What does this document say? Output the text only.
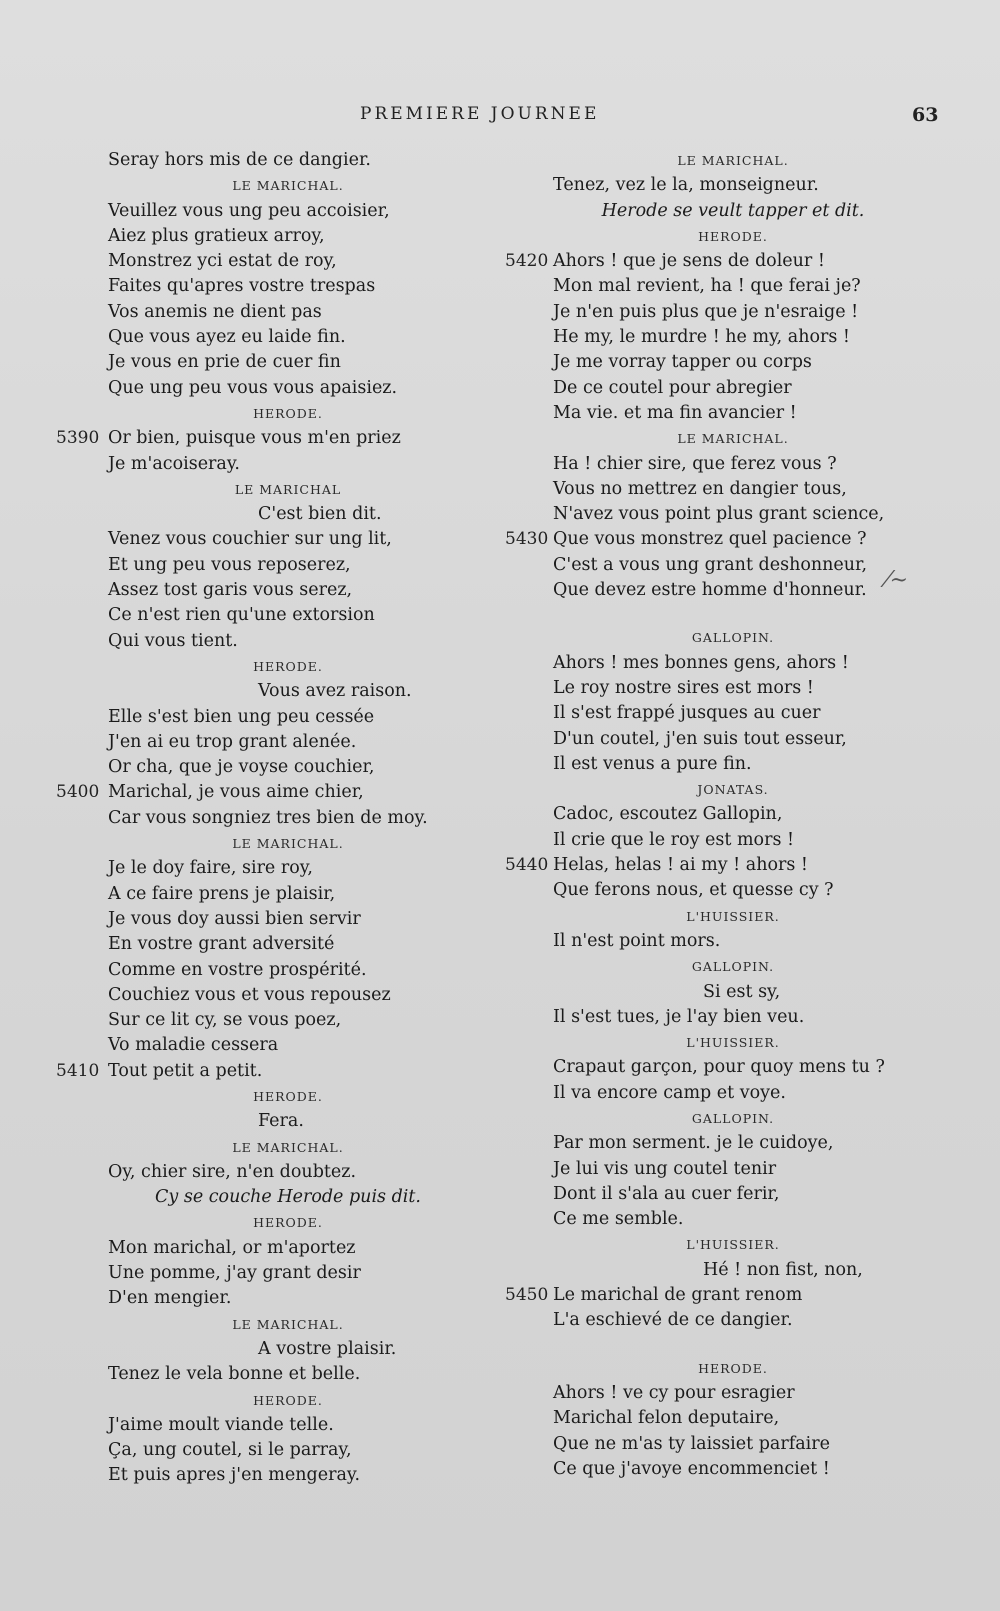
PREMIERE JOURNEE	63
Seray hors mis de ce dangier.
LE MARICHAL.
Veuillez vous ung peu accoisier,
Aiez plus gratieux arroy,
Monstrez yci estat de roy,
Faites qu'apres vostre trespas
Vos anemis ne dient pas
Que vous ayez eu laide fin.
Je vous en prie de cuer fin
Que ung peu vous vous apaisiez.
HERODE.
5390 Or bien, puisque vous m'en priez
Je m'acoiseray.
LE MARICHAL
C'est bien dit.
Venez vous couchier sur ung lit,
Et ung peu vous reposerez,
Assez tost garis vous serez,
Ce n'est rien qu'une extorsion
Qui vous tient.
HERODE.
Vous avez raison.
Elle s'est bien ung peu cessée
J'en ai eu trop grant alenée.
Or cha, que je voyse couchier,
5400 Marichal, je vous aime chier,
Car vous songniez tres bien de moy.
LE MARICHAL.
Je le doy faire, sire roy,
A ce faire prens je plaisir,
Je vous doy aussi bien servir
En vostre grant adversité
Comme en vostre prospérité.
Couchiez vous et vous repousez
Sur ce lit cy, se vous poez,
Vo maladie cessera
5410 Tout petit a petit.
HERODE.
Fera.
LE MARICHAL.
Oy, chier sire, n'en doubtez.
Cy se couche Herode puis dit.
HERODE.
Mon marichal, or m'aportez
Une pomme, j'ay grant desir
D'en mengier.
LE MARICHAL.
A vostre plaisir.
Tenez le vela bonne et belle.
HERODE.
J'aime moult viande telle.
Ça, ung coutel, si le parray,
Et puis apres j'en mengeray.
LE MARICHAL.
Tenez, vez le la, monseigneur.
Herode se veult tapper et dit.
HERODE.
5420 Ahors ! que je sens de doleur !
Mon mal revient, ha ! que ferai je?
Je n'en puis plus que je n'esraige !
He my, le murdre ! he my, ahors !
Je me vorray tapper ou corps
De ce coutel pour abregier
Ma vie. et ma fin avancier !
LE MARICHAL.
Ha ! chier sire, que ferez vous ?
Vous no mettrez en dangier tous,
N'avez vous point plus grant science,
5430 Que vous monstrez quel pacience ?
C'est a vous ung grant deshonneur,
Que devez estre homme d'honneur.
GALLOPIN.
Ahors ! mes bonnes gens, ahors !
Le roy nostre sires est mors !
Il s'est frappé jusques au cuer
D'un coutel, j'en suis tout esseur,
Il est venus a pure fin.
JONATAS.
Cadoc, escoutez Gallopin,
Il crie que le roy est mors !
5440 Helas, helas ! ai my ! ahors !
Que ferons nous, et quesse cy ?
L'HUISSIER.
Il n'est point mors.
GALLOPIN.
Si est sy,
Il s'est tues, je l'ay bien veu.
L'HUISSIER.
Crapaut garçon, pour quoy mens tu ?
Il va encore camp et voye.
GALLOPIN.
Par mon serment. je le cuidoye,
Je lui vis ung coutel tenir
Dont il s'ala au cuer ferir,
Ce me semble.
L'HUISSIER.
Hé ! non fist, non,
5450 Le marichal de grant renom
L'a eschievé de ce dangier.
HERODE.
Ahors ! ve cy pour esragier
Marichal felon deputaire,
Que ne m'as ty laissiet parfaire
Ce que j'avoye encommenciet !
⁄~
